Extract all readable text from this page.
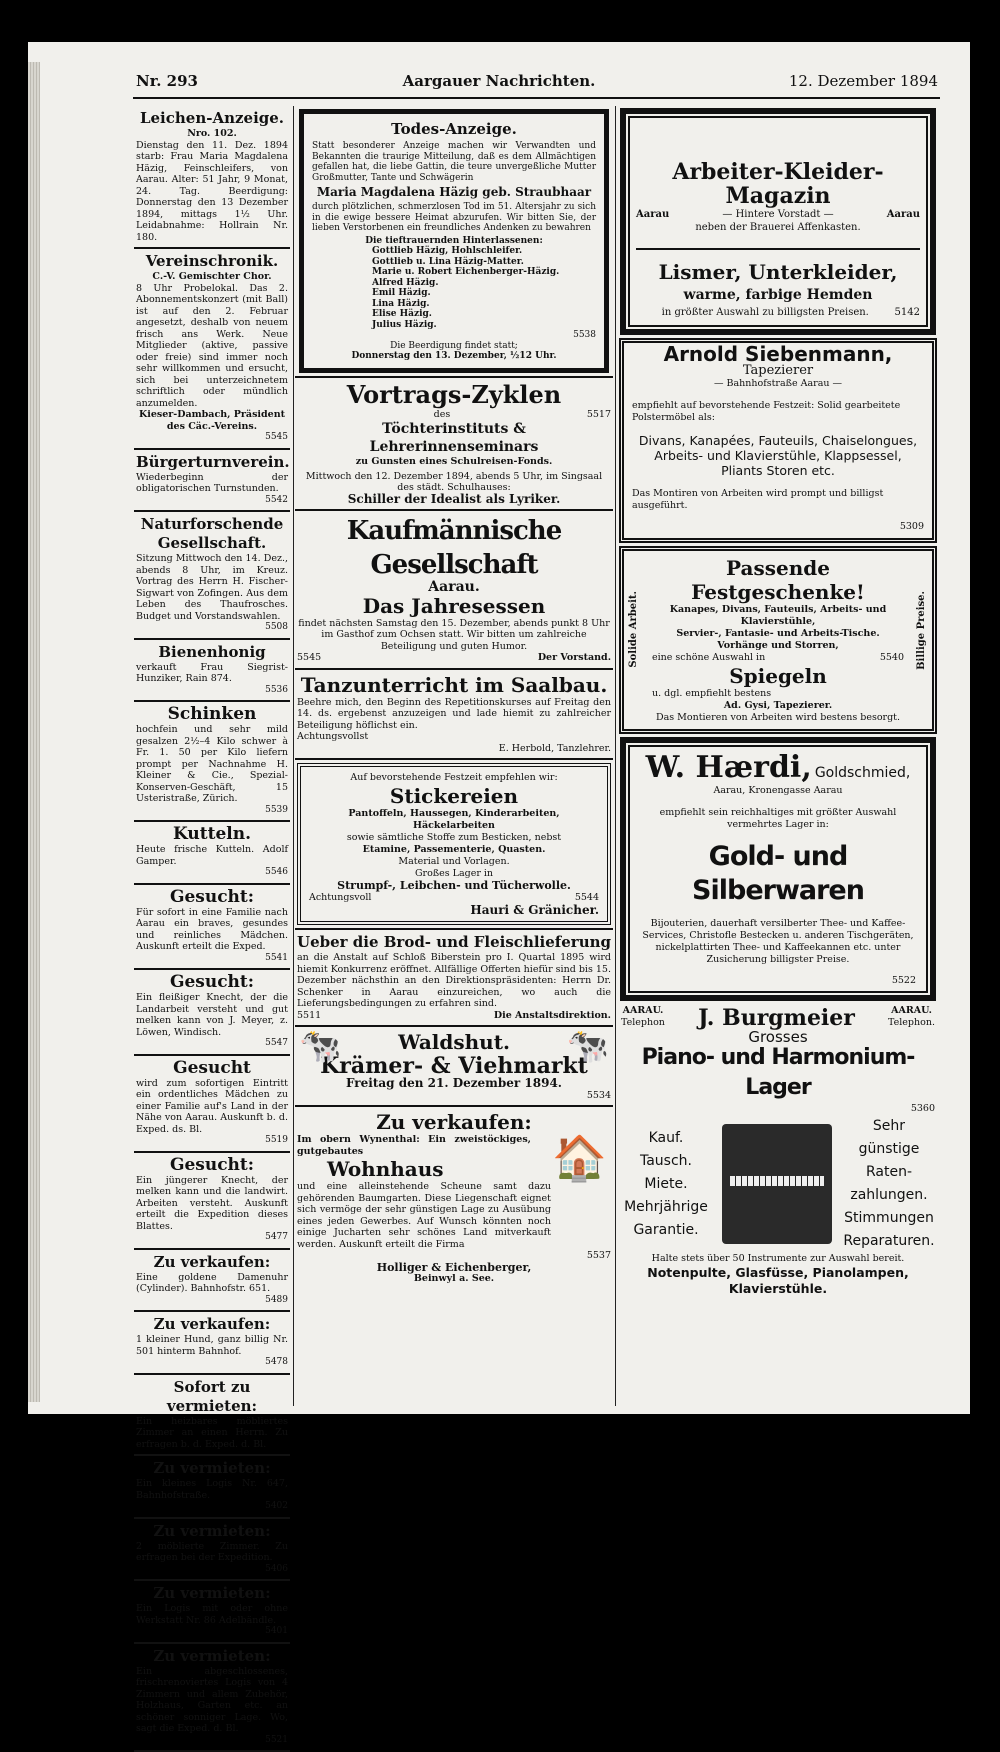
Nr. 293	Aargauer Nachrichten.	12. Dezember 1894
Leichen-Anzeige.
Nro. 102.

Dienstag den 11. Dez. 1894 starb: Frau Maria Magdalena Häzig, Feinschleifers, von Aarau. Alter: 51 Jahr, 9 Monat, 24. Tag. Beerdigung: Donnerstag den 13 Dezember 1894, mittags 1½ Uhr. Leidabnahme: Hollrain Nr. 180.

Vereinschronik.
C.-V. Gemischter Chor.

8 Uhr Probelokal. Das 2. Abonnementskonzert (mit Ball) ist auf den 2. Februar angesetzt, deshalb von neuem frisch ans Werk. Neue Mitglieder (aktive, passive oder freie) sind immer noch sehr willkommen und ersucht, sich bei unterzeichnetem schriftlich oder mündlich anzumelden.

Kieser-Dambach, Präsident des Cäc.-Vereins.
5545
Bürgerturnverein.

Wiederbeginn der obligatorischen Turnstunden.

5542
Naturforschende Gesellschaft.

Sitzung Mittwoch den 14. Dez., abends 8 Uhr, im Kreuz. Vortrag des Herrn H. Fischer-Sigwart von Zofingen. Aus dem Leben des Thaufrosches. Budget und Vorstandswahlen.

5508
Bienenhonig

verkauft Frau Siegrist-Hunziker, Rain 874.

5536
Schinken

hochfein und sehr mild gesalzen 2½–4 Kilo schwer à Fr. 1. 50 per Kilo liefern prompt per Nachnahme H. Kleiner & Cie., Spezial-Konserven-Geschäft, 15 Usteristraße, Zürich.

5539
Kutteln.

Heute frische Kutteln. Adolf Gamper.

5546
Gesucht:

Für sofort in eine Familie nach Aarau ein braves, gesundes und reinliches Mädchen. Auskunft erteilt die Exped.

5541
Gesucht:

Ein fleißiger Knecht, der die Landarbeit versteht und gut melken kann von J. Meyer, z. Löwen, Windisch.

5547
Gesucht

wird zum sofortigen Eintritt ein ordentliches Mädchen zu einer Familie auf's Land in der Nähe von Aarau. Auskunft b. d. Exped. ds. Bl.

5519
Gesucht:

Ein jüngerer Knecht, der melken kann und die landwirt. Arbeiten versteht. Auskunft erteilt die Expedition dieses Blattes.

5477
Zu verkaufen:

Eine goldene Damenuhr (Cylinder). Bahnhofstr. 651.

5489
Zu verkaufen:

1 kleiner Hund, ganz billig Nr. 501 hinterm Bahnhof.

5478
Sofort zu vermieten:

Ein heizbares möbliertes Zimmer an einen Herrn. Zu erfragen b. d. Exped. d. Bl.

Zu vermieten:

Ein kleines Logis Nr. 647, Bahnhofstraße.

5402
Zu vermieten:

2 möblierte Zimmer. Zu erfragen bei der Expedition.

5406
Zu vermieten:

Ein Logis mit oder ohne Werkstatt Nr. 86 Adelbändle.

5401
Zu vermieten:

Ein abgeschlossenes, frischrenoviertes Logis von 4 Zimmern und allem Zubehör, Holzhaus, Garten etc. an schöner sonniger Lage. Wo, sagt die Exped. d. Bl.

5521
Todes-Anzeige.

Statt besonderer Anzeige machen wir Verwandten und Bekannten die traurige Mitteilung, daß es dem Allmächtigen gefallen hat, die liebe Gattin, die teure unvergeßliche Mutter Großmutter, Tante und Schwägerin

Maria Magdalena Häzig geb. Straubhaar

durch plötzlichen, schmerzlosen Tod im 51. Altersjahr zu sich in die ewige bessere Heimat abzurufen. Wir bitten Sie, der lieben Verstorbenen ein freundliches Andenken zu bewahren

Die tieftrauernden Hinterlassenen:
Gottlieb Häzig, Hohlschleifer.
Gottlieb u. Lina Häzig-Matter.
Marie u. Robert Eichenberger-Häzig.
Alfred Häzig.
Emil Häzig.
Lina Häzig.
Elise Häzig.
Julius Häzig.
5538
Die Beerdigung findet statt;
Donnerstag den 13. Dezember, ½12 Uhr.
Vortrags-Zyklen
des	5517
Töchterinstituts & Lehrerinnenseminars
zu Gunsten eines Schulreisen-Fonds.
Mittwoch den 12. Dezember 1894, abends 5 Uhr, im Singsaal des städt. Schulhauses:
Schiller der Idealist als Lyriker.
Kaufmännische Gesellschaft
Aarau.
Das Jahresessen

findet nächsten Samstag den 15. Dezember, abends punkt 8 Uhr im Gasthof zum Ochsen statt. Wir bitten um zahlreiche Beteiligung und guten Humor.

5545	Der Vorstand.
Tanzunterricht im Saalbau.

Beehre mich, den Beginn des Repetitionskurses auf Freitag den 14. ds. ergebenst anzuzeigen und lade hiemit zu zahlreicher Beteiligung höflichst ein.

Achtungsvollst

E. Herbold, Tanzlehrer.
Auf bevorstehende Festzeit empfehlen wir:
Stickereien
Pantoffeln, Haussegen, Kinderarbeiten, Häckelarbeiten
sowie sämtliche Stoffe zum Besticken, nebst
Etamine, Passementerie, Quasten.
Material und Vorlagen.
Großes Lager in
Strumpf-, Leibchen- und Tücherwolle.
Achtungsvoll	5544
Hauri & Gränicher.
Ueber die Brod- und Fleischlieferung

an die Anstalt auf Schloß Biberstein pro I. Quartal 1895 wird hiemit Konkurrenz eröffnet. Allfällige Offerten hiefür sind bis 15. Dezember nächsthin an den Direktionspräsidenten: Herrn Dr. Schenker in Aarau einzureichen, wo auch die Lieferungsbedingungen zu erfahren sind.

5511	Die Anstaltsdirektion.
🐄	🐄
Waldshut.
Krämer- & Viehmarkt
Freitag den 21. Dezember 1894.
5534
Zu verkaufen:
Im obern Wynenthal: Ein zweistöckiges, gutgebautes
Wohnhaus	🏠

und eine alleinstehende Scheune samt dazu gehörenden Baumgarten. Diese Liegenschaft eignet sich vermöge der sehr günstigen Lage zu Ausübung eines jeden Gewerbes. Auf Wunsch könnten noch einige Jucharten sehr schönes Land mitverkauft werden. Auskunft erteilt die Firma

5537
Holliger & Eichenberger,
Beinwyl a. See.
Arbeiter-Kleider-Magazin
Aarau	— Hintere Vorstadt —	Aarau
neben der Brauerei Affenkasten.
Lismer, Unterkleider,
warme, farbige Hemden
in größter Auswahl zu billigsten Preisen.	5142
Arnold Siebenmann, Tapezierer
— Bahnhofstraße Aarau —

empfiehlt auf bevorstehende Festzeit: Solid gearbeitete Polstermöbel als:

Divans, Kanapées, Fauteuils, Chaiselongues, Arbeits- und Klavierstühle, Klappsessel, Pliants Storen etc.

Das Montiren von Arbeiten wird prompt und billigst ausgeführt.

5309
Solide Arbeit.	Billige Preise.
Passende Festgeschenke!
Kanapes, Divans, Fauteuils, Arbeits- und Klavierstühle,
Servier-, Fantasie- und Arbeits-Tische.
Vorhänge und Storren,
eine schöne Auswahl in	5540
Spiegeln
u. dgl. empfiehlt bestens
Ad. Gysi, Tapezierer.
Das Montieren von Arbeiten wird bestens besorgt.
W. Hærdi, Goldschmied,
Aarau, Kronengasse Aarau

empfiehlt sein reichhaltiges mit größter Auswahl vermehrtes Lager in:

Gold- und Silberwaren

Bijouterien, dauerhaft versilberter Thee- und Kaffee-Services, Christofle Bestecken u. anderen Tischgeräten, nickelplattirten Thee- und Kaffeekannen etc. unter Zusicherung billigster Preise.

5522
AARAU.
Telephon J. Burgmeier	AARAU.
Telephon.
Grosses
Piano- und Harmonium-Lager
5360
Kauf.
Tausch.
Miete.
Mehrjährige Garantie.
Sehr günstige
Raten-zahlungen.
Stimmungen
Reparaturen.
Halte stets über 50 Instrumente zur Auswahl bereit.
Notenpulte, Glasfüsse, Pianolampen, Klavierstühle.
